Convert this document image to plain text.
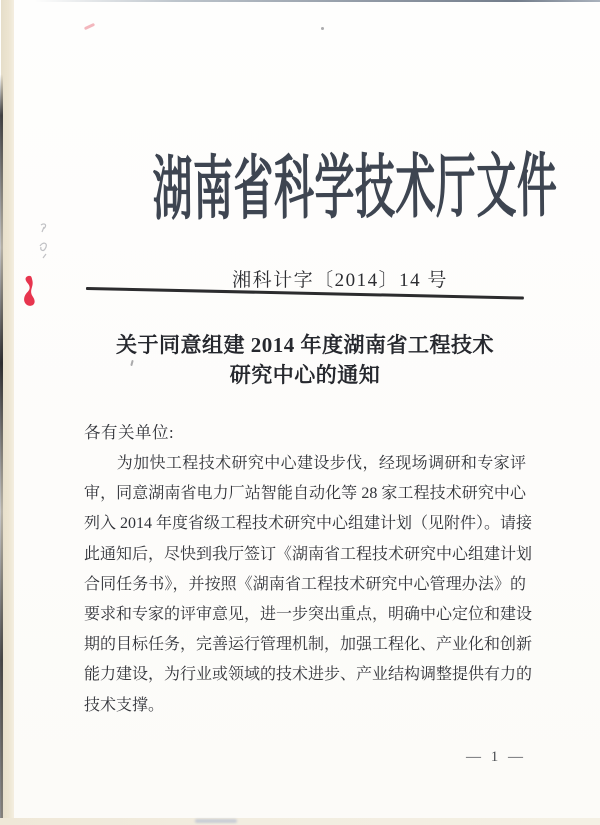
湖南省科学技术厅文件
湘科计字〔2014〕14 号
关于同意组建 2014 年度湖南省工程技术
研究中心的通知
各有关单位:
　　为加快工程技术研究中心建设步伐，经现场调研和专家评
审，同意湖南省电力厂站智能自动化等 28 家工程技术研究中心
列入 2014 年度省级工程技术研究中心组建计划（见附件）。请接
此通知后，尽快到我厅签订《湖南省工程技术研究中心组建计划
合同任务书》，并按照《湖南省工程技术研究中心管理办法》的
要求和专家的评审意见，进一步突出重点，明确中心定位和建设
期的目标任务，完善运行管理机制，加强工程化、产业化和创新
能力建设，为行业或领域的技术进步、产业结构调整提供有力的
技术支撑。
— 1 —
